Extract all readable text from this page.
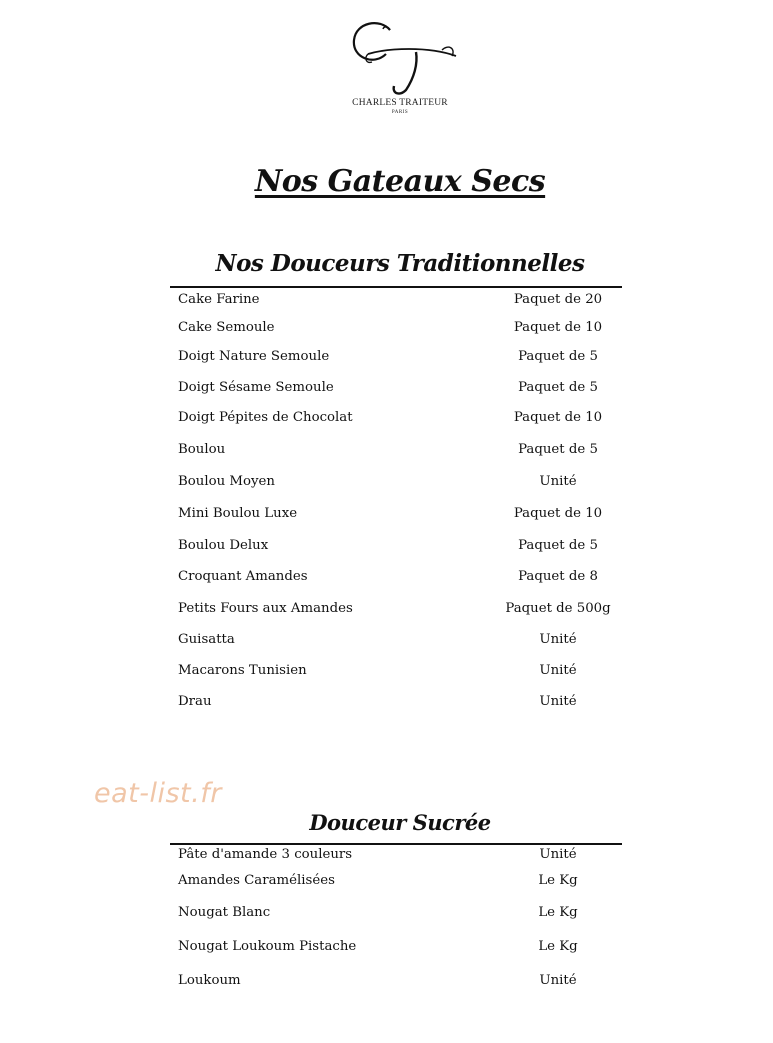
CHARLES TRAITEUR
PARIS
Nos Gateaux Secs
Nos Douceurs Traditionnelles
Cake Farine	Paquet de 20
Cake Semoule	Paquet de 10
Doigt Nature Semoule	Paquet de 5
Doigt Sésame Semoule	Paquet de 5
Doigt Pépites de Chocolat	Paquet de 10
Boulou	Paquet de 5
Boulou Moyen	Unité
Mini Boulou Luxe	Paquet de 10
Boulou Delux	Paquet de 5
Croquant Amandes	Paquet de 8
Petits Fours aux Amandes	Paquet de 500g
Guisatta	Unité
Macarons Tunisien	Unité
Drau	Unité
eat-list.fr
Douceur Sucrée
Pâte d'amande 3 couleurs	Unité
Amandes Caramélisées	Le Kg
Nougat Blanc	Le Kg
Nougat Loukoum Pistache	Le Kg
Loukoum	Unité
